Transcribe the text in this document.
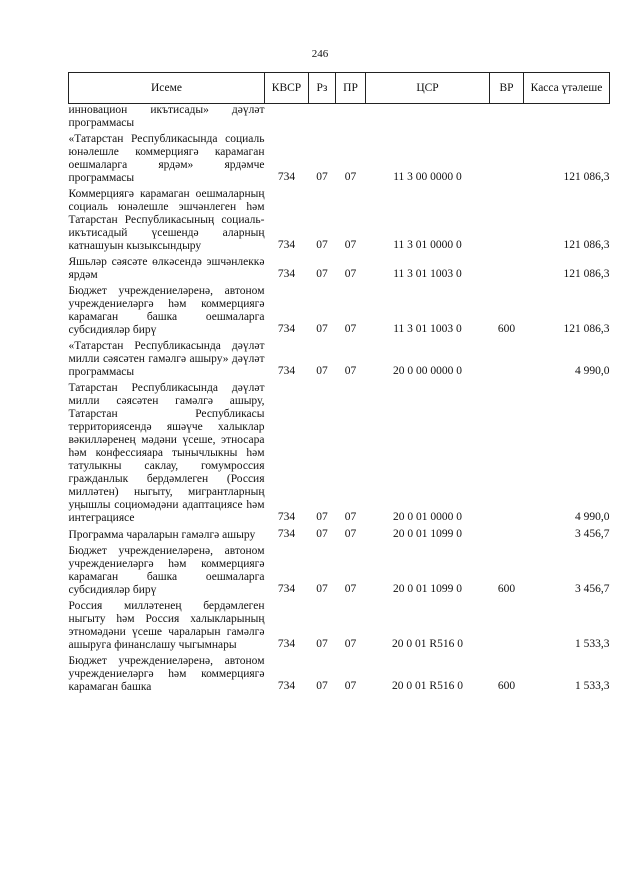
246
Исеме	КВСР	Рз	ПР	ЦСР	ВР	Касса үтәлеше
инновацион икътисады» дәүләт программасы						
«Татарстан Республикасында социаль юнәлешле коммерциягә карамаган оешмаларга ярдәм» ярдәмче программасы	734	07	07	11 3 00 0000 0		121 086,3
Коммерциягә карамаган оешмаларның социаль юнәлешле эшчәнлеген һәм Татарстан Республикасының социаль-икътисадый үсешендә аларның катнашуын кызыксындыру	734	07	07	11 3 01 0000 0		121 086,3
Яшьләр сәясәте өлкәсендә эшчәнлеккә ярдәм	734	07	07	11 3 01 1003 0		121 086,3
Бюджет учреждениеләренә, автоном учреждениеләргә һәм коммерциягә карамаган башка оешмаларга субсидияләр бирү	734	07	07	11 3 01 1003 0	600	121 086,3
«Татарстан Республикасында дәүләт милли сәясәтен гамәлгә ашыру» дәүләт программасы	734	07	07	20 0 00 0000 0		4 990,0
Татарстан Республикасында дәүләт милли сәясәтен гамәлгә ашыру, Татарстан Республикасы территориясендә яшәүче халыклар вәкилләренең мәдәни үсеше, этносара һәм конфессияара тынычлыкны һәм татулыкны саклау, гомумроссия гражданлык бердәмлеген (Россия милләтен) ныгыту, мигрантларның уңышлы социомәдәни адаптациясе һәм интеграциясе	734	07	07	20 0 01 0000 0		4 990,0
Программа чараларын гамәлгә ашыру	734	07	07	20 0 01 1099 0		3 456,7
Бюджет учреждениеләренә, автоном учреждениеләргә һәм коммерциягә карамаган башка оешмаларга субсидияләр бирү	734	07	07	20 0 01 1099 0	600	3 456,7
Россия милләтенең бердәмлеген ныгыту һәм Россия халыкларының этномәдәни үсеше чараларын гамәлгә ашыруга финанслашу чыгымнары	734	07	07	20 0 01 R516 0		1 533,3
Бюджет учреждениеләренә, автоном учреждениеләргә һәм коммерциягә карамаган башка	734	07	07	20 0 01 R516 0	600	1 533,3
